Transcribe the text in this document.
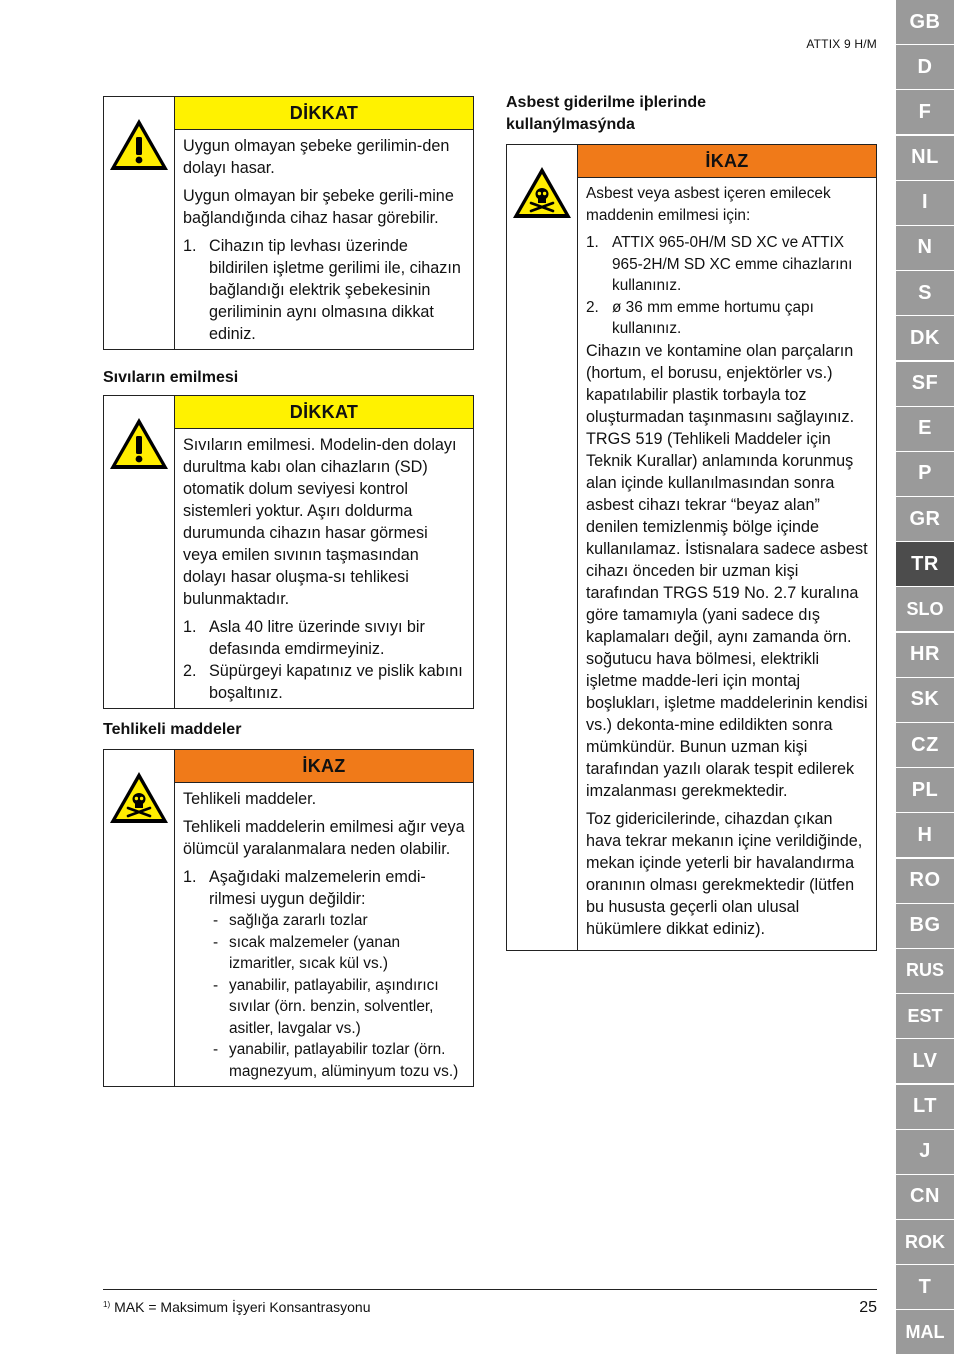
ATTIX 9 H/M
GB
D
F
NL
I
N
S
DK
SF
E
P
GR
TR
SLO
HR
SK
CZ
PL
H
RO
BG
RUS
EST
LV
LT
J
CN
ROK
T
MAL
DİKKAT

Uygun olmayan şebeke gerilimin-den dolayı hasar.

Uygun olmayan bir şebeke gerili-mine bağlandığında cihaz hasar görebilir.

1. Cihazın tip levhası üzerinde bildirilen işletme gerilimi ile, cihazın bağlandığı elektrik şebekesinin geriliminin aynı olmasına dikkat ediniz.
Sıvıların emilmesi
DİKKAT

Sıvıların emilmesi. Modelin-den dolayı durultma kabı olan cihazların (SD) otomatik dolum seviyesi kontrol sistemleri yoktur. Aşırı doldurma durumunda cihazın hasar görmesi veya emilen sıvının taşmasından dolayı hasar oluşma-sı tehlikesi bulunmaktadır.

1. Asla 40 litre üzerinde sıvıyı bir defasında emdirmeyiniz.
2. Süpürgeyi kapatınız ve pislik kabını boşaltınız.
Tehlikeli maddeler
İKAZ

Tehlikeli maddeler.

Tehlikeli maddelerin emilmesi ağır veya ölümcül yaralanmalara neden olabilir.

1. Aşağıdaki malzemelerin emdi-rilmesi uygun değildir:
- sağlığa zararlı tozlar
- sıcak malzemeler (yanan izmaritler, sıcak kül vs.)
- yanabilir, patlayabilir, aşındırıcı sıvılar (örn. benzin, solventler, asitler, lavgalar vs.)
- yanabilir, patlayabilir tozlar (örn. magnezyum, alüminyum tozu vs.)
Asbest giderilme iþlerinde kullanýlmasýnda
İKAZ

Asbest veya asbest içeren emilecek maddenin emilmesi için:

1. ATTIX 965-0H/M SD XC ve ATTIX 965-2H/M SD XC emme cihazlarını kullanınız.
2. ø 36 mm emme hortumu çapı kullanınız.

Cihazın ve kontamine olan parçaların (hortum, el borusu, enjektörler vs.) kapatılabilir plastik torbayla toz oluşturmadan taşınmasını sağlayınız. TRGS 519 (Tehlikeli Maddeler için Teknik Kurallar) anlamında korunmuş alan içinde kullanılmasından sonra asbest cihazı tekrar “beyaz alan” denilen temizlenmiş bölge içinde kullanılamaz. İstisnalara sadece asbest cihazı önceden bir uzman kişi tarafından TRGS 519 No. 2.7 kuralına göre tamamıyla (yani sadece dış kaplamaları değil, aynı zamanda örn. soğutucu hava bölmesi, elektrikli işletme madde-leri için montaj boşlukları, işletme maddelerinin kendisi vs.) dekonta-mine edildikten sonra mümkündür. Bunun uzman kişi tarafından yazılı olarak tespit edilerek imzalanması gerekmektedir.

Toz gidericilerinde, cihazdan çıkan hava tekrar mekanın içine verildiğinde, mekan içinde yeterli bir havalandırma oranının olması gerekmektedir (lütfen bu hususta geçerli olan ulusal hükümlere dikkat ediniz).

$^{1)}$ MAK = Maksimum İşyeri Konsantrasyonu	25
